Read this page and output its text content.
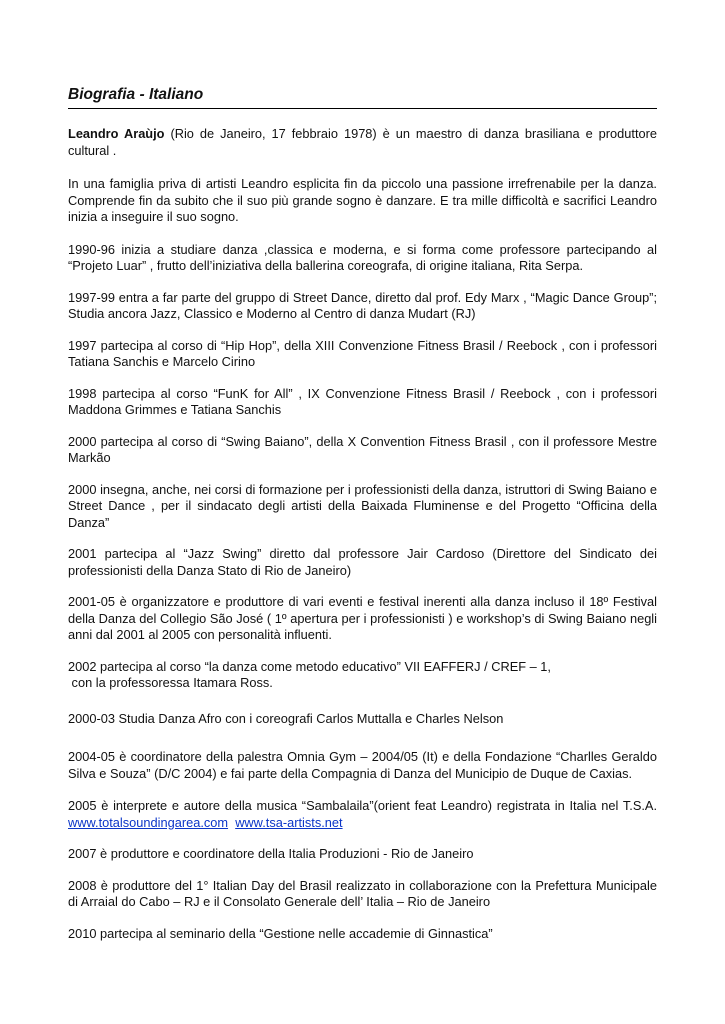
Biografia - Italiano

Leandro Araùjo (Rio de Janeiro, 17 febbraio 1978) è un maestro di danza brasiliana e produttore cultural .

In una famiglia priva di artisti Leandro esplicita fin da piccolo una passione irrefrenabile per la danza. Comprende fin da subito che il suo più grande sogno è danzare. E tra mille difficoltà e sacrifici Leandro inizia a inseguire il suo sogno.

1990-96 inizia a studiare danza ,classica e moderna, e si forma come professore partecipando al “Projeto Luar” , frutto dell’iniziativa della ballerina coreografa, di origine italiana, Rita Serpa.

1997-99 entra a far parte del gruppo di Street Dance, diretto dal prof. Edy Marx , “Magic Dance Group”; Studia ancora Jazz, Classico e Moderno al Centro di danza Mudart (RJ)

1997 partecipa al corso di “Hip Hop”, della XIII Convenzione Fitness Brasil / Reebock , con i professori Tatiana Sanchis e Marcelo Cirino

1998 partecipa al corso “FunK for All” , IX Convenzione Fitness Brasil / Reebock , con i professori Maddona Grimmes e Tatiana Sanchis

2000 partecipa al corso di “Swing Baiano”, della X Convention Fitness Brasil , con il professore Mestre Markão

2000 insegna, anche, nei corsi di formazione per i professionisti della danza, istruttori di Swing Baiano e Street Dance , per il sindacato degli artisti della Baixada Fluminense e del Progetto “Officina della Danza”

2001 partecipa al “Jazz Swing” diretto dal professore Jair Cardoso (Direttore del Sindicato dei professionisti della Danza Stato di Rio de Janeiro)

2001-05 è organizzatore e produttore di vari eventi e festival inerenti alla danza incluso il 18º Festival della Danza del Collegio São José ( 1º apertura per i professionisti ) e workshop’s di Swing Baiano negli anni dal 2001 al 2005 con personalità influenti.

2002 partecipa al corso “la danza come metodo educativo” VII EAFFERJ / CREF – 1,
con la professoressa Itamara Ross.

2000-03 Studia Danza Afro con i coreografi Carlos Muttalla e Charles Nelson

2004-05 è coordinatore della palestra Omnia Gym – 2004/05 (It) e della Fondazione “Charlles Geraldo Silva e Souza” (D/C 2004) e fai parte della Compagnia di Danza del Municipio de Duque de Caxias.

2005 è interprete e autore della musica “Sambalaila”(orient feat Leandro) registrata in Italia nel T.S.A. www.totalsoundingarea.com www.tsa-artists.net

2007 è produttore e coordinatore della Italia Produzioni - Rio de Janeiro

2008 è produttore del 1° Italian Day del Brasil realizzato in collaborazione con la Prefettura Municipale di Arraial do Cabo – RJ e il Consolato Generale dell’ Italia – Rio de Janeiro

2010 partecipa al seminario della “Gestione nelle accademie di Ginnastica”
